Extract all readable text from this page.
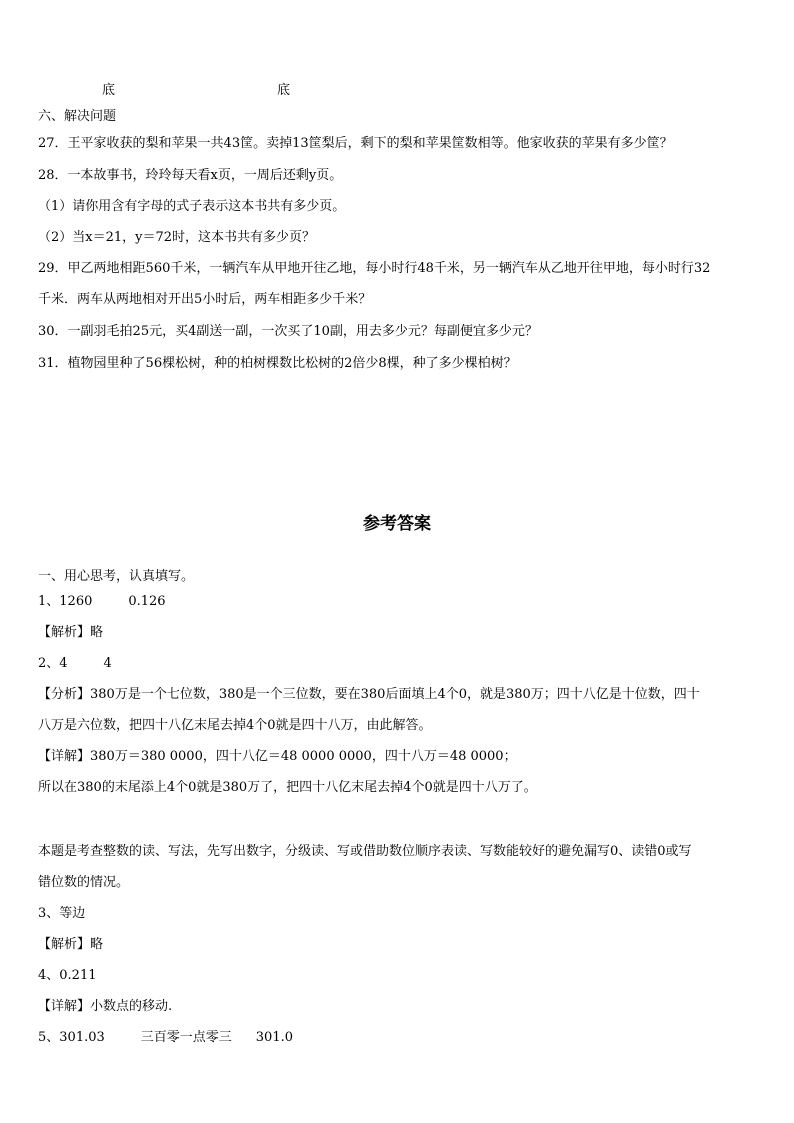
底	底
六、解决问题
27．王平家收获的梨和苹果一共43筐。卖掉13筐梨后，剩下的梨和苹果筐数相等。他家收获的苹果有多少筐？
28．一本故事书，玲玲每天看x页，一周后还剩y页。
（1）请你用含有字母的式子表示这本书共有多少页。
（2）当x＝21，y＝72时，这本书共有多少页？
29．甲乙两地相距560千米，一辆汽车从甲地开往乙地，每小时行48千米，另一辆汽车从乙地开往甲地，每小时行32
千米．两车从两地相对开出5小时后，两车相距多少千米？
30．一副羽毛拍25元，买4副送一副，一次买了10副，用去多少元？每副便宜多少元？
31．植物园里种了56棵松树，种的柏树棵数比松树的2倍少8棵，种了多少棵柏树？
参考答案
一、用心思考，认真填写。
1、1260	0.126
【解析】略
2、4	4
【分析】380万是一个七位数，380是一个三位数，要在380后面填上4个0，就是380万；四十八亿是十位数，四十
八万是六位数，把四十八亿末尾去掉4个0就是四十八万，由此解答。
【详解】380万＝380 0000，四十八亿＝48 0000 0000，四十八万＝48 0000；
所以在380的末尾添上4个0就是380万了，把四十八亿末尾去掉4个0就是四十八万了。
本题是考查整数的读、写法，先写出数字，分级读、写或借助数位顺序表读、写数能较好的避免漏写0、读错0或写
错位数的情况。
3、等边
【解析】略
4、0.211
【详解】小数点的移动.
5、301.03	三百零一点零三 301.0
